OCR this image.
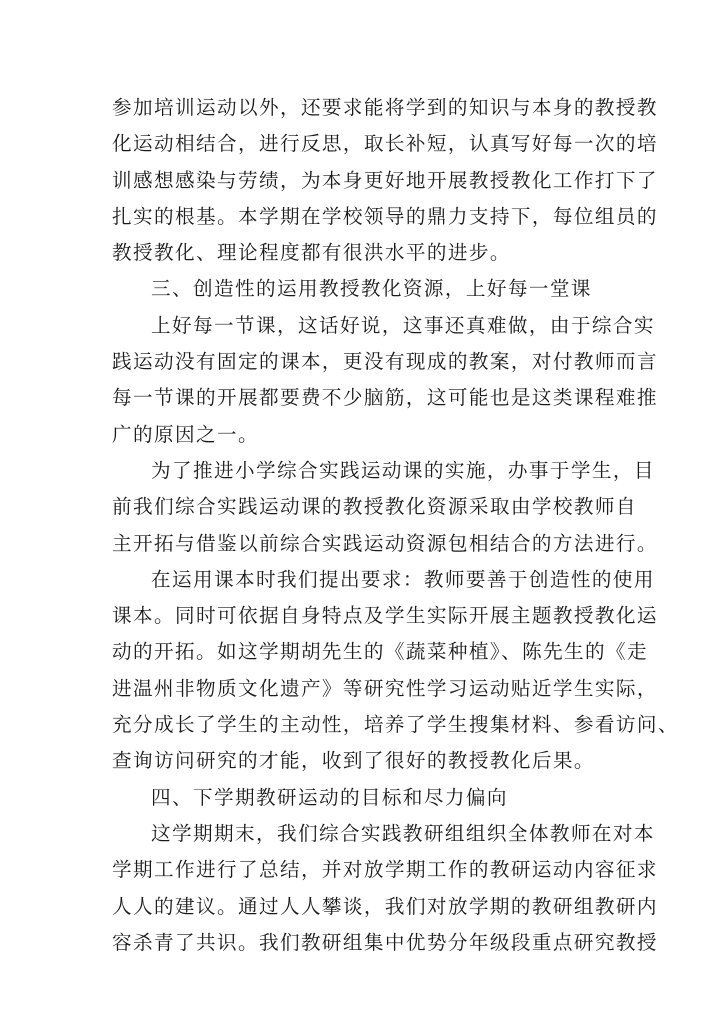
参加培训运动以外，还要求能将学到的知识与本身的教授教

化运动相结合，进行反思，取长补短，认真写好每一次的培

训感想感染与劳绩，为本身更好地开展教授教化工作打下了

扎实的根基。本学期在学校领导的鼎力支持下，每位组员的

教授教化、理论程度都有很洪水平的进步。

三、创造性的运用教授教化资源，上好每一堂课

上好每一节课，这话好说，这事还真难做，由于综合实

践运动没有固定的课本，更没有现成的教案，对付教师而言

每一节课的开展都要费不少脑筋，这可能也是这类课程难推

广的原因之一。

为了推进小学综合实践运动课的实施，办事于学生，目

前我们综合实践运动课的教授教化资源采取由学校教师自

主开拓与借鉴以前综合实践运动资源包相结合的方法进行。

在运用课本时我们提出要求：教师要善于创造性的使用

课本。同时可依据自身特点及学生实际开展主题教授教化运

动的开拓。如这学期胡先生的《蔬菜种植》、陈先生的《走

进温州非物质文化遗产》等研究性学习运动贴近学生实际，

充分成长了学生的主动性，培养了学生搜集材料、参看访问、

查询访问研究的才能，收到了很好的教授教化后果。

四、下学期教研运动的目标和尽力偏向

这学期期末，我们综合实践教研组组织全体教师在对本

学期工作进行了总结，并对放学期工作的教研运动内容征求

人人的建议。通过人人攀谈，我们对放学期的教研组教研内

容杀青了共识。我们教研组集中优势分年级段重点研究教授
